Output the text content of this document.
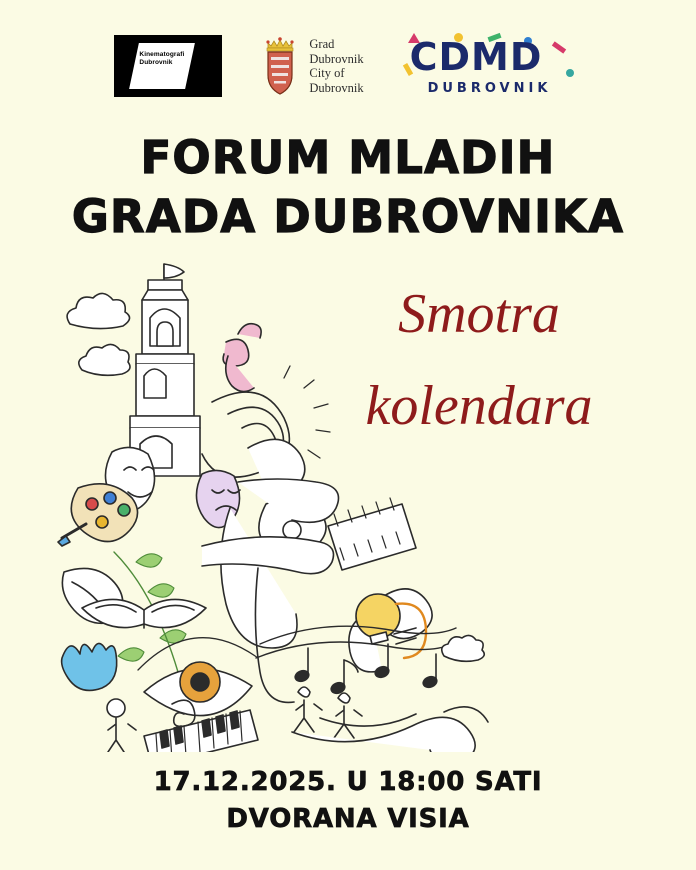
Kinematografi
Dubrovnik
Grad
Dubrovnik
City of
Dubrovnik
CDMD
DUBROVNIK
FORUM MLADIH
GRADA DUBROVNIKA
Smotra
kolendara
17.12.2025. U 18:00 SATI
DVORANA VISIA
